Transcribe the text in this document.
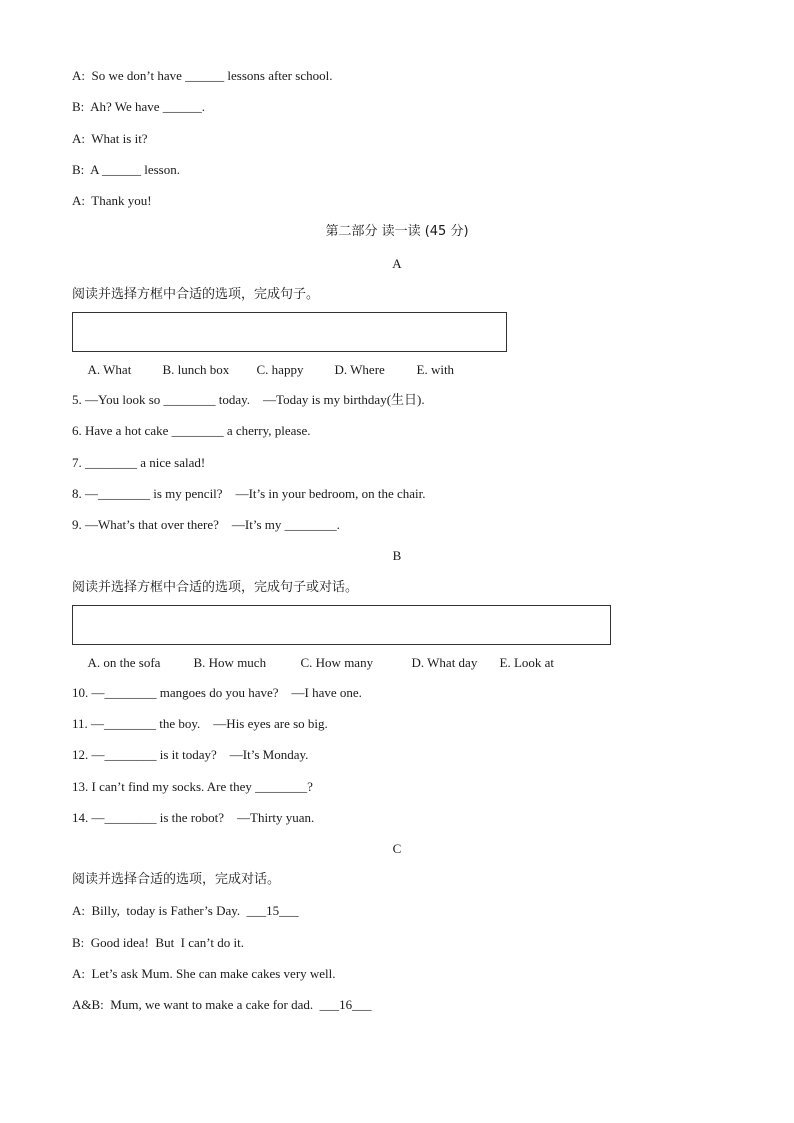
A:  So we don’t have ______ lessons after school.
B:  Ah? We have ______.
A:  What is it?
B:  A ______ lesson.
A:  Thank you!
第二部分 读一读 (45 分)
A
阅读并选择方框中合适的选项，完成句子。

A. What B. lunch box C. happy D. Where E. with

5. —You look so ________ today.    —Today is my birthday(生日).
6. Have a hot cake ________ a cherry, please.
7. ________ a nice salad!
8. —________ is my pencil?    —It’s in your bedroom, on the chair.
9. —What’s that over there?    —It’s my ________.
B
阅读并选择方框中合适的选项，完成句子或对话。

A. on the sofa	B. How much	C. How many	D. What day E. Look at

10. —________ mangoes do you have?    —I have one.
11. —________ the boy.    —His eyes are so big.
12. —________ is it today?    —It’s Monday.
13. I can’t find my socks. Are they ________?
14. —________ is the robot?    —Thirty yuan.
C
阅读并选择合适的选项，完成对话。
A:  Billy,  today is Father’s Day.  ___15___
B:  Good idea!  But  I can’t do it.
A:  Let’s ask Mum. She can make cakes very well.
A&B:  Mum, we want to make a cake for dad.  ___16___
